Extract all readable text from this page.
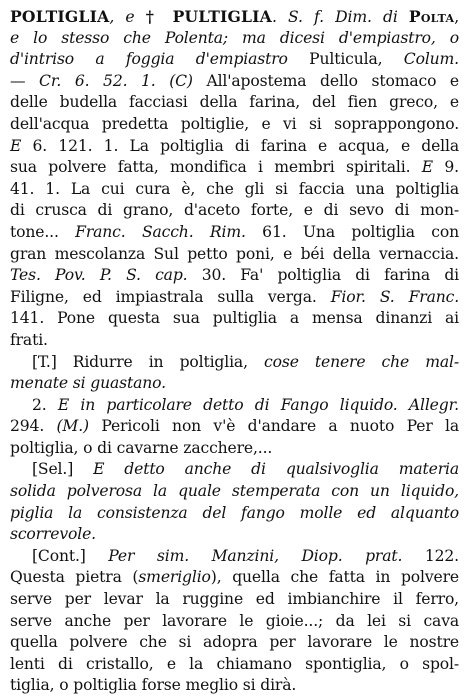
POLTIGLIA, e † PULTIGLIA. S. f. Dim. di Polta,
e lo stesso che Polenta; ma dicesi d'empiastro, o
d'intriso a foggia d'empiastro Pulticula, Colum.
— Cr. 6. 52. 1. (C) All'apostema dello stomaco e
delle budella facciasi della farina, del fien greco, e
dell'acqua predetta poltiglie, e vi si soprappongono.
E 6. 121. 1. La poltiglia di farina e acqua, e della
sua polvere fatta, mondifica i membri spiritali. E 9.
41. 1. La cui cura è, che gli si faccia una poltiglia
di crusca di grano, d'aceto forte, e di sevo di mon-
tone... Franc. Sacch. Rim. 61. Una poltiglia con
gran mescolanza Sul petto poni, e béi della vernaccia.
Tes. Pov. P. S. cap. 30. Fa' poltiglia di farina di
Filigne, ed impiastrala sulla verga. Fior. S. Franc.
141. Pone questa sua pultiglia a mensa dinanzi ai
frati.
[T.] Ridurre in poltiglia, cose tenere che mal-
menate si guastano.
2. E in particolare detto di Fango liquido. Allegr.
294. (M.) Pericoli non v'è d'andare a nuoto Per la
poltiglia, o di cavarne zacchere,...
[Sel.] E detto anche di qualsivoglia materia
solida polverosa la quale stemperata con un liquido,
piglia la consistenza del fango molle ed alquanto
scorrevole.
[Cont.] Per sim. Manzini, Diop. prat. 122.
Questa pietra (smeriglio), quella che fatta in polvere
serve per levar la ruggine ed imbianchire il ferro,
serve anche per lavorare le gioie...; da lei si cava
quella polvere che si adopra per lavorare le nostre
lenti di cristallo, e la chiamano spontiglia, o spol-
tiglia, o poltiglia forse meglio si dirà.
